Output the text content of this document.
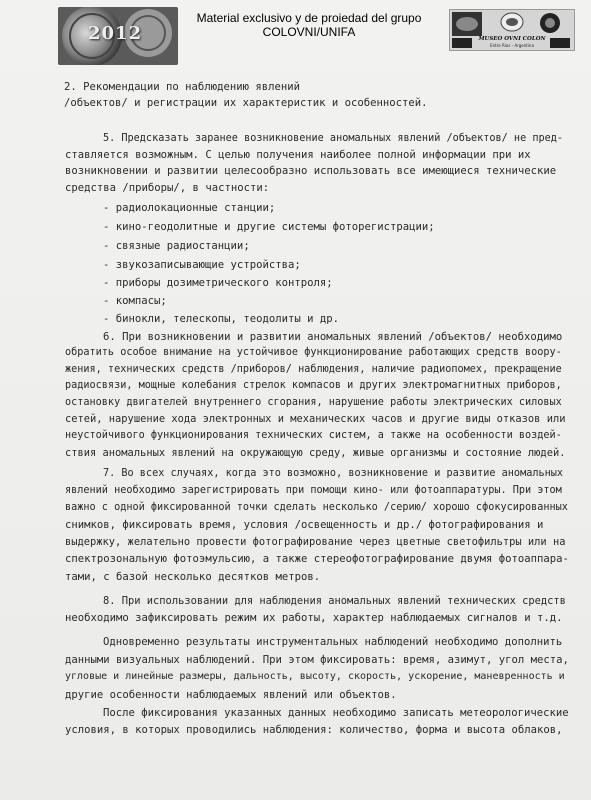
2012
Material exclusivo y de proiedad del grupo
COLOVNI/UNIFA	MUSEO OVNI COLON
Entre Rios - Argentina
2. Рекомендации по наблюдению явлений
/объектов/ и регистрации их характеристик и особенностей.
5. Предсказать заранее возникновение аномальных явлений /объектов/ не пред-
ставляется возможным. С целью получения наиболее полной информации при их
возникновении и развитии целесообразно использовать все имеющиеся технические
средства /приборы/, в частности:
- радиолокационные станции;
- кино-геодолитные и другие системы фоторегистрации;
- связные радиостанции;
- звукозаписывающие устройства;
- приборы дозиметрического контроля;
- компасы;
- бинокли, телескопы, теодолиты и др.
6. При возникновении и развитии аномальных явлений /объектов/ необходимо
обратить особое внимание на устойчивое функционирование работающих средств воору-
жения, технических средств /приборов/ наблюдения, наличие радиопомех, прекращение
радиосвязи, мощные колебания стрелок компасов и других электромагнитных приборов,
остановку двигателей внутреннего сгорания, нарушение работы электрических силовых
сетей, нарушение хода электронных и механических часов и другие виды отказов или
неустойчивого функционирования технических систем, а также на особенности воздей-
ствия аномальных явлений на окружающую среду, живые организмы и состояние людей.
7. Во всех случаях, когда это возможно, возникновение и развитие аномальных
явлений необходимо зарегистрировать при помощи кино- или фотоаппаратуры. При этом
важно с одной фиксированной точки сделать несколько /серию/ хорошо сфокусированных
снимков, фиксировать время, условия /освещенность и др./ фотографирования и
выдержку, желательно провести фотографирование через цветные светофильтры или на
спектрозональную фотоэмульсию, а также стереофотографирование двумя фотоаппара-
тами, с базой несколько десятков метров.
8. При использовании для наблюдения аномальных явлений технических средств
необходимо зафиксировать режим их работы, характер наблюдаемых сигналов и т.д.
Одновременно результаты инструментальных наблюдений необходимо дополнить
данными визуальных наблюдений. При этом фиксировать: время, азимут, угол места,
угловые и линейные размеры, дальность, высоту, скорость, ускорение, маневренность и
другие особенности наблюдаемых явлений или объектов.
После фиксирования указанных данных необходимо записать метеорологические
условия, в которых проводились наблюдения: количество, форма и высота облаков,
